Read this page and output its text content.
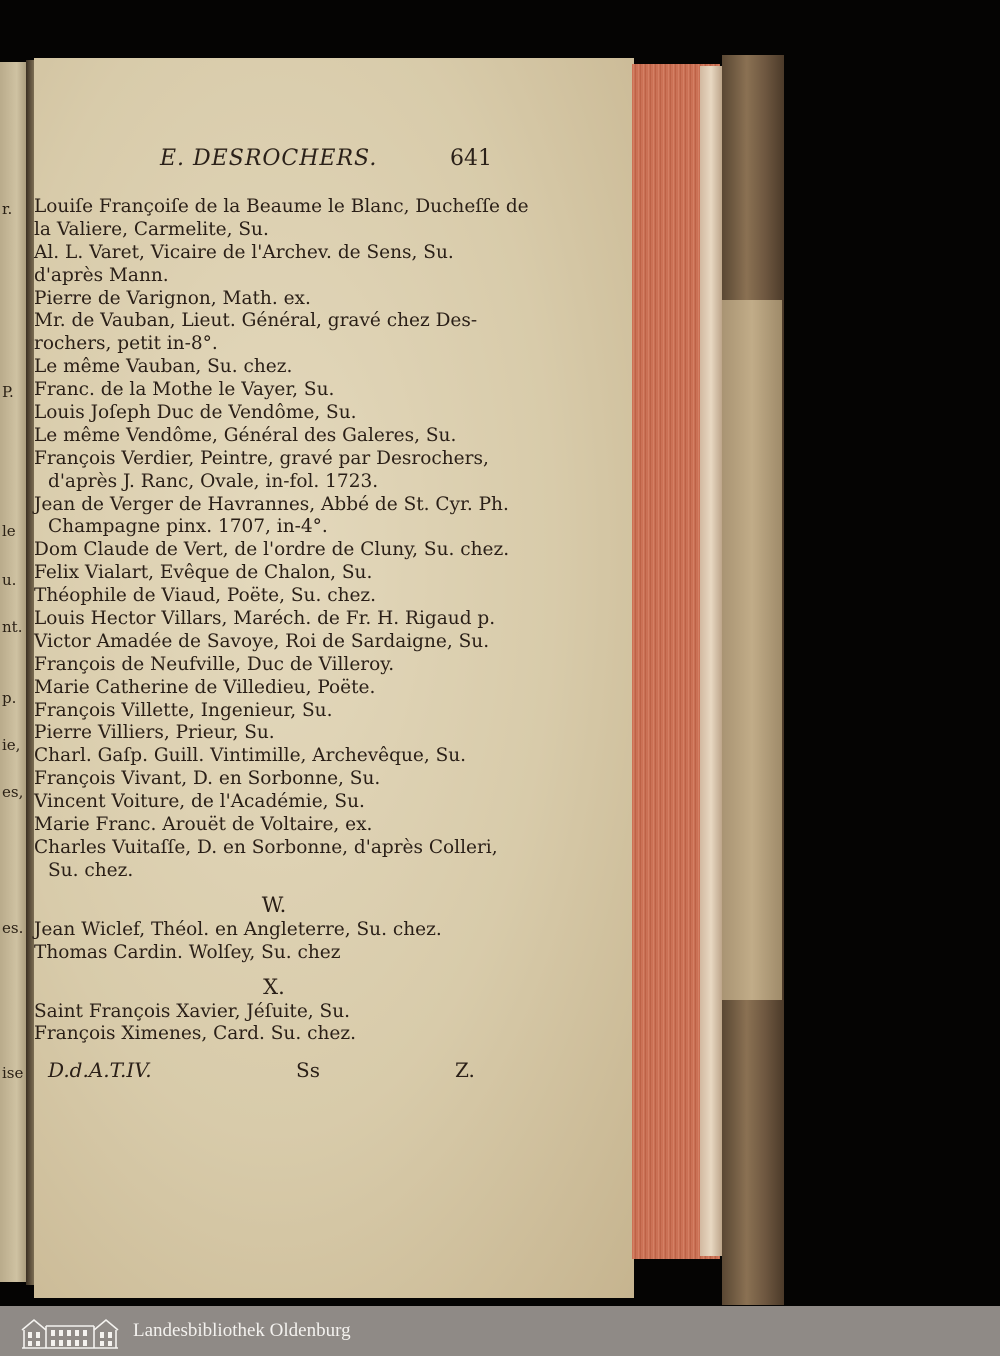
r.
P.
le
u.
nt.
p.
ie,
es,
es.
ise
E. DESROCHERS.	641
Louiſe Françoiſe de la Beaume le Blanc, Ducheſſe de
la Valiere, Carmelite, Su.
Al. L. Varet, Vicaire de l'Archev. de Sens, Su.
d'après Mann.
Pierre de Varignon, Math. ex.
Mr. de Vauban, Lieut. Général, gravé chez Des-
rochers, petit in-8°.
Le même Vauban, Su. chez.
Franc. de la Mothe le Vayer, Su.
Louis Joſeph Duc de Vendôme, Su.
Le même Vendôme, Général des Galeres, Su.
François Verdier, Peintre, gravé par Desrochers,
d'après J. Ranc, Ovale, in-fol. 1723.
Jean de Verger de Havrannes, Abbé de St. Cyr. Ph.
Champagne pinx. 1707, in-4°.
Dom Claude de Vert, de l'ordre de Cluny, Su. chez.
Felix Vialart, Evêque de Chalon, Su.
Théophile de Viaud, Poëte, Su. chez.
Louis Hector Villars, Maréch. de Fr. H. Rigaud p.
Victor Amadée de Savoye, Roi de Sardaigne, Su.
François de Neufville, Duc de Villeroy.
Marie Catherine de Villedieu, Poëte.
François Villette, Ingenieur, Su.
Pierre Villiers, Prieur, Su.
Charl. Gaſp. Guill. Vintimille, Archevêque, Su.
François Vivant, D. en Sorbonne, Su.
Vincent Voiture, de l'Académie, Su.
Marie Franc. Arouët de Voltaire, ex.
Charles Vuitaſſe, D. en Sorbonne, d'après Colleri,
Su. chez.
W.
Jean Wiclef, Théol. en Angleterre, Su. chez.
Thomas Cardin. Wolſey, Su. chez
X.
Saint François Xavier, Jéſuite, Su.
François Ximenes, Card. Su. chez.
D.d.A.T.IV.	Ss	Z.
Landesbibliothek Oldenburg
